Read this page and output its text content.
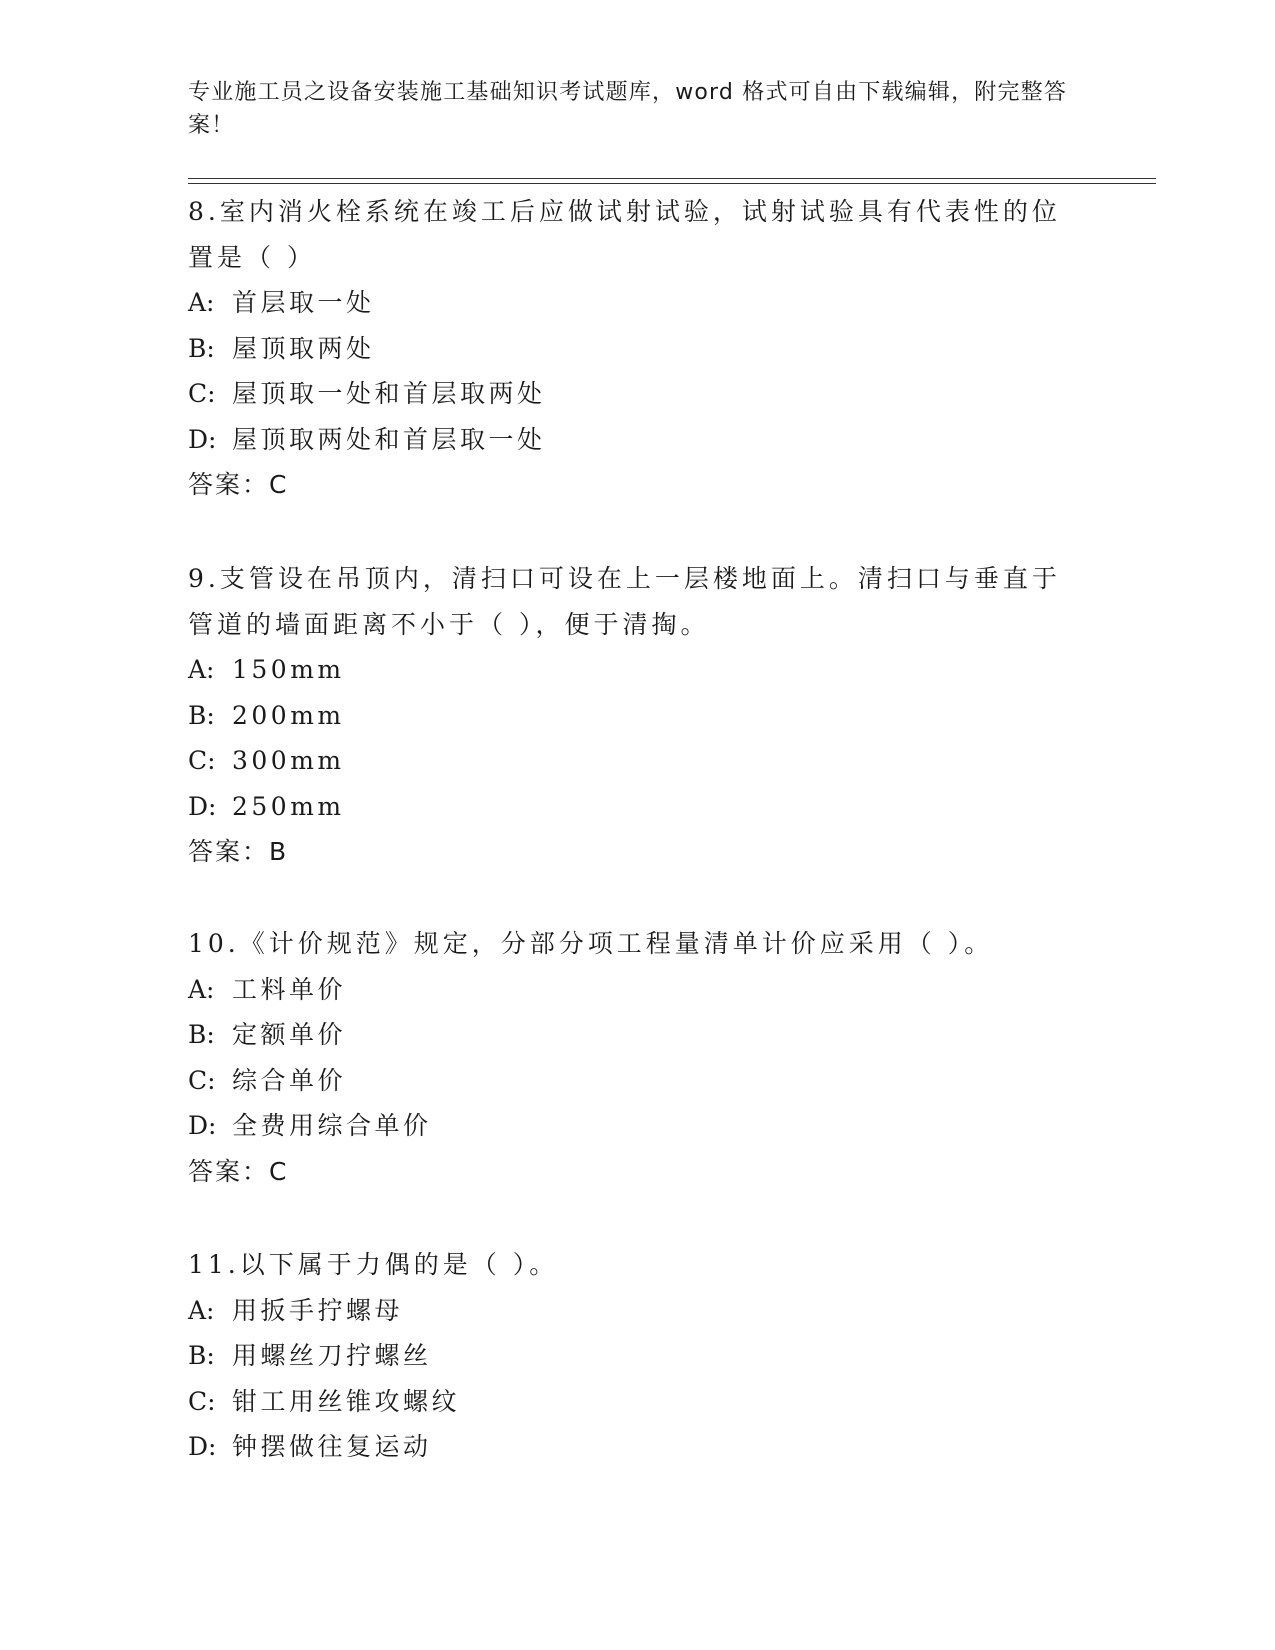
专业施工员之设备安装施工基础知识考试题库，word 格式可自由下载编辑，附完整答案！

8.室内消火栓系统在竣工后应做试射试验，试射试验具有代表性的位置是（ ）

A: 首层取一处

B: 屋顶取两处

C: 屋顶取一处和首层取两处

D: 屋顶取两处和首层取一处

答案：C

9.支管设在吊顶内，清扫口可设在上一层楼地面上。清扫口与垂直于管道的墙面距离不小于（ ），便于清掏。

A: 150mm

B: 200mm

C: 300mm

D: 250mm

答案：B

10.《计价规范》规定，分部分项工程量清单计价应采用（ ）。

A: 工料单价

B: 定额单价

C: 综合单价

D: 全费用综合单价

答案：C

11.以下属于力偶的是（ ）。

A: 用扳手拧螺母

B: 用螺丝刀拧螺丝

C: 钳工用丝锥攻螺纹

D: 钟摆做往复运动
